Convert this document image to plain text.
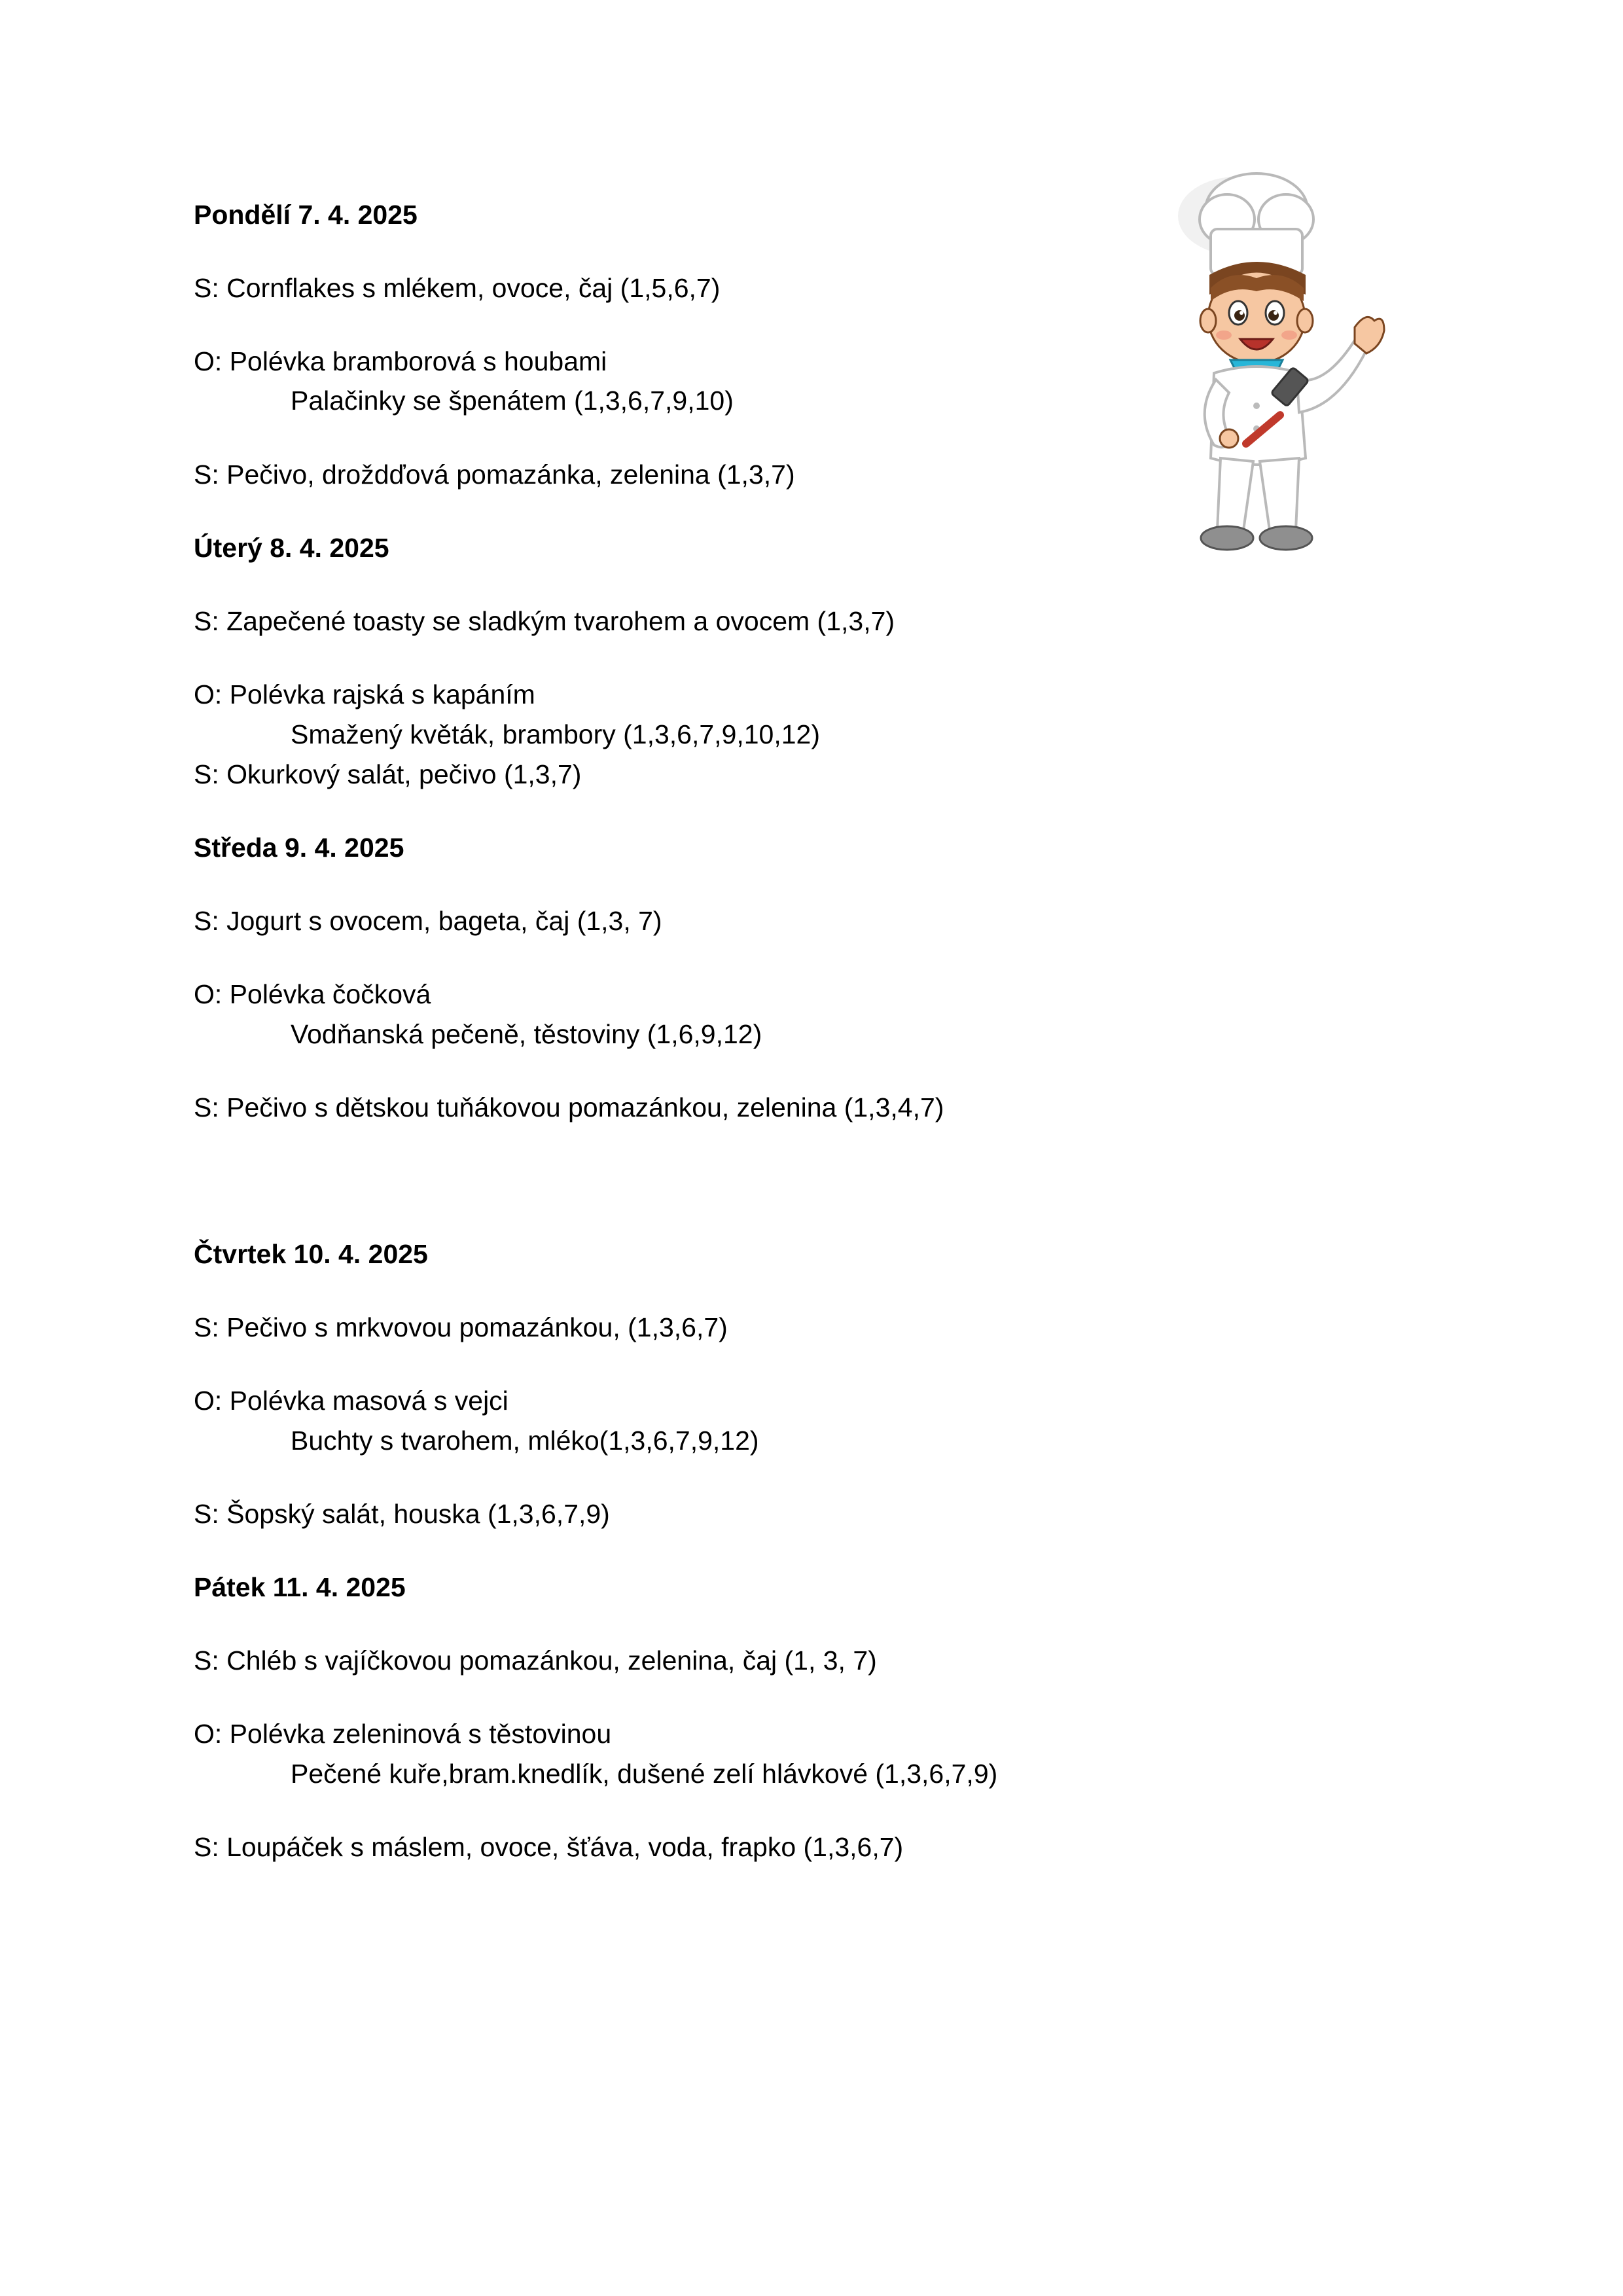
Pondělí 7. 4. 2025
S: Cornflakes s mlékem, ovoce, čaj (1,5,6,7)
O: Polévka bramborová s houbami
Palačinky se špenátem (1,3,6,7,9,10)
S: Pečivo, droždďová pomazánka, zelenina (1,3,7)
Úterý 8. 4. 2025
S: Zapečené toasty se sladkým tvarohem a ovocem (1,3,7)
O: Polévka rajská s kapáním
Smažený květák, brambory (1,3,6,7,9,10,12)
S: Okurkový salát, pečivo (1,3,7)
Středa 9. 4. 2025
S: Jogurt s ovocem, bageta, čaj (1,3, 7)
O: Polévka čočková
Vodňanská pečeně, těstoviny (1,6,9,12)
S: Pečivo s dětskou tuňákovou pomazánkou, zelenina (1,3,4,7)
Čtvrtek 10. 4. 2025
S: Pečivo s mrkvovou pomazánkou, (1,3,6,7)
O: Polévka masová s vejci
Buchty s tvarohem, mléko(1,3,6,7,9,12)
S: Šopský salát, houska (1,3,6,7,9)
Pátek 11. 4. 2025
S: Chléb s vajíčkovou pomazánkou, zelenina, čaj (1, 3, 7)
O: Polévka zeleninová s těstovinou
Pečené kuře,bram.knedlík, dušené zelí hlávkové (1,3,6,7,9)
S: Loupáček s máslem, ovoce, šťáva, voda, frapko (1,3,6,7)
